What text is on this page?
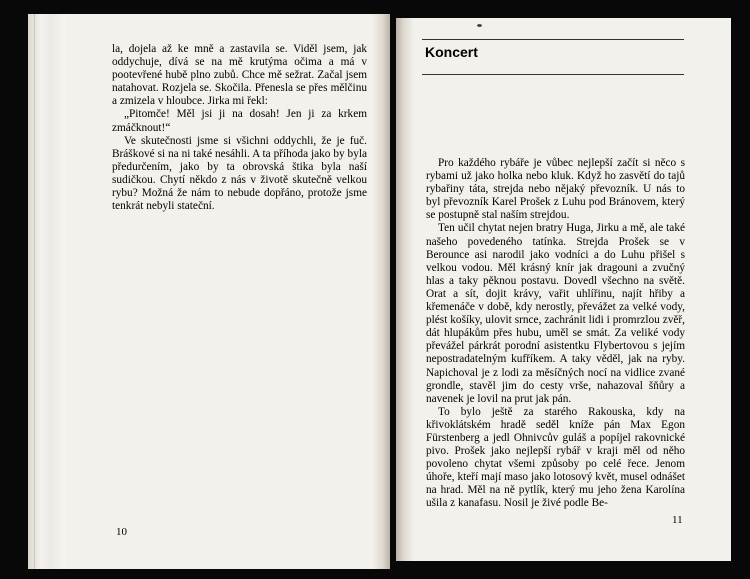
la, dojela až ke mně a zastavila se. Viděl jsem, jak oddychuje, dívá se na mě krutýma očima a má v pootevřené hubě plno zubů. Chce mě sežrat. Začal jsem natahovat. Rozjela se. Skočila. Přenesla se přes mělčinu a zmizela v hloubce. Jirka mi řekl:

„Pitomče! Měl jsi ji na dosah! Jen ji za krkem zmáčknout!“

Ve skutečnosti jsme si všichni oddychli, že je fuč. Bráškové si na ni také nesáhli. A ta příhoda jako by byla předurčením, jako by ta obrovská štika byla naší sudičkou. Chytí někdo z nás v životě skutečně velkou rybu? Možná že nám to nebude dopřáno, protože jsme tenkrát nebyli stateční.

10
Koncert

Pro každého rybáře je vůbec nejlepší začít si něco s rybami už jako holka nebo kluk. Když ho zasvětí do tajů rybařiny táta, strejda nebo nějaký převozník. U nás to byl převozník Karel Prošek z Luhu pod Bránovem, který se postupně stal naším strejdou.

Ten učil chytat nejen bratry Huga, Jirku a mě, ale také našeho povedeného tatínka. Strejda Prošek se v Berounce asi narodil jako vodníci a do Luhu přišel s velkou vodou. Měl krásný knír jak dragouni a zvučný hlas a taky pěknou postavu. Dovedl všechno na světě. Orat a sít, dojit krávy, vařit uhlířinu, najít hřiby a křemenáče v době, kdy nerostly, převážet za velké vody, plést košíky, ulovit srnce, zachránit lidi i promrzlou zvěř, dát hlupákům přes hubu, uměl se smát. Za veliké vody převážel párkrát porodní asistentku Flybertovou s jejím nepostradatelným kufříkem. A taky věděl, jak na ryby. Napichoval je z lodi za měsíčných nocí na vidlice zvané grondle, stavěl jim do cesty vrše, nahazoval šňůry a navenek je lovil na prut jak pán.

To bylo ještě za starého Rakouska, kdy na křivoklátském hradě seděl kníže pán Max Egon Fürstenberg a jedl Ohnivcův guláš a popíjel rakovnické pivo. Prošek jako nejlepší rybář v kraji měl od něho povoleno chytat všemi způsoby po celé řece. Jenom úhoře, kteří mají maso jako lotosový květ, musel odnášet na hrad. Měl na ně pytlík, který mu jeho žena Karolína ušila z kanafasu. Nosil je živé podle Be-

11
